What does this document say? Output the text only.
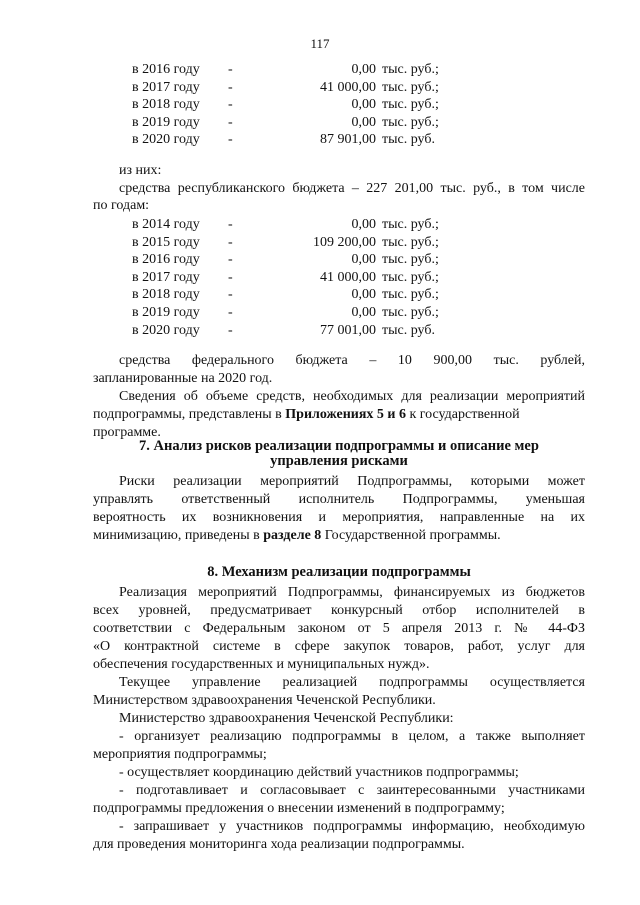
117
в 2016 году -	0,00 тыс. руб.;
в 2017 году -	41 000,00 тыс. руб.;
в 2018 году -	0,00 тыс. руб.;
в 2019 году -	0,00 тыс. руб.;
в 2020 году -	87 901,00 тыс. руб.

из них:

средства республиканского бюджета – 227 201,00 тыс. руб., в том числе

по годам:

в 2014 году -	0,00 тыс. руб.;
в 2015 году -	109 200,00 тыс. руб.;
в 2016 году -	0,00 тыс. руб.;
в 2017 году -	41 000,00 тыс. руб.;
в 2018 году -	0,00 тыс. руб.;
в 2019 году -	0,00 тыс. руб.;
в 2020 году -	77 001,00 тыс. руб.

средства федерального бюджета – 10 900,00 тыс. рублей,

запланированные на 2020 год.

Сведения об объеме средств, необходимых для реализации мероприятий

подпрограммы, представлены в Приложениях 5 и 6 к государственной программе.

7. Анализ рисков реализации подпрограммы и описание мер

управления рисками

Риски реализации мероприятий Подпрограммы, которыми может

управлять ответственный исполнитель Подпрограммы, уменьшая

вероятность их возникновения и мероприятия, направленные на их

минимизацию, приведены в разделе 8 Государственной программы.

8. Механизм реализации подпрограммы

Реализация мероприятий Подпрограммы, финансируемых из бюджетов

всех уровней, предусматривает конкурсный отбор исполнителей в

соответствии с Федеральным законом от 5 апреля 2013 г. № 44-ФЗ

«О контрактной системе в сфере закупок товаров, работ, услуг для

обеспечения государственных и муниципальных нужд».

Текущее управление реализацией подпрограммы осуществляется

Министерством здравоохранения Чеченской Республики.

Министерство здравоохранения Чеченской Республики:

- организует реализацию подпрограммы в целом, а также выполняет

мероприятия подпрограммы;

- осуществляет координацию действий участников подпрограммы;

- подготавливает и согласовывает с заинтересованными участниками

подпрограммы предложения о внесении изменений в подпрограмму;

- запрашивает у участников подпрограммы информацию, необходимую

для проведения мониторинга хода реализации подпрограммы.
